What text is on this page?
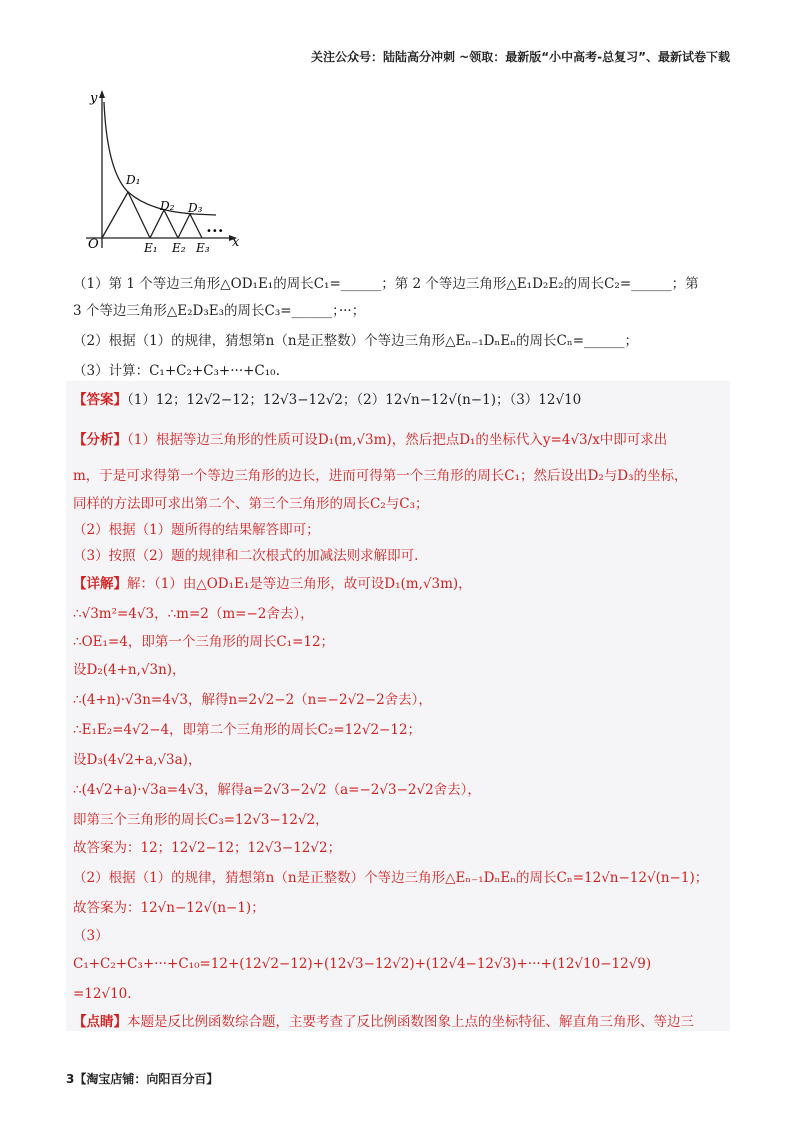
关注公众号：陆陆高分冲刺 ~领取：最新版“小中高考-总复习”、最新试卷下载
y
x
O
D₁
D₂ D₃
E₁ E₂ E₃
•••
（1）第 1 个等边三角形△OD₁E₁的周长C₁=______；第 2 个等边三角形△E₁D₂E₂的周长C₂=______；第
3 个等边三角形△E₂D₃E₃的周长C₃=______；···；
（2）根据（1）的规律，猜想第n（n是正整数）个等边三角形△Eₙ₋₁DₙEₙ的周长Cₙ=______；
（3）计算：C₁+C₂+C₃+···+C₁₀.
【答案】（1）12；12√2−12；12√3−12√2；（2）12√n−12√(n−1)；（3）12√10
【分析】（1）根据等边三角形的性质可设D₁(m,√3m)，然后把点D₁的坐标代入y=4√3/x中即可求出
m，于是可求得第一个等边三角形的边长，进而可得第一个三角形的周长C₁；然后设出D₂与D₃的坐标，
同样的方法即可求出第二个、第三个三角形的周长C₂与C₃；
（2）根据（1）题所得的结果解答即可；
（3）按照（2）题的规律和二次根式的加减法则求解即可.
【详解】解：（1）由△OD₁E₁是等边三角形，故可设D₁(m,√3m)，
∴√3m²=4√3，∴m=2（m=−2舍去），
∴OE₁=4，即第一个三角形的周长C₁=12；
设D₂(4+n,√3n)，
∴(4+n)·√3n=4√3，解得n=2√2−2（n=−2√2−2舍去），
∴E₁E₂=4√2−4，即第二个三角形的周长C₂=12√2−12；
设D₃(4√2+a,√3a)，
∴(4√2+a)·√3a=4√3，解得a=2√3−2√2（a=−2√3−2√2舍去），
即第三个三角形的周长C₃=12√3−12√2，
故答案为：12；12√2−12；12√3−12√2；
（2）根据（1）的规律，猜想第n（n是正整数）个等边三角形△Eₙ₋₁DₙEₙ的周长Cₙ=12√n−12√(n−1)；
故答案为：12√n−12√(n−1)；
（3）
C₁+C₂+C₃+···+C₁₀=12+(12√2−12)+(12√3−12√2)+(12√4−12√3)+···+(12√10−12√9)
=12√10.
【点睛】本题是反比例函数综合题，主要考查了反比例函数图象上点的坐标特征、解直角三角形、等边三
3【淘宝店铺：向阳百分百】
